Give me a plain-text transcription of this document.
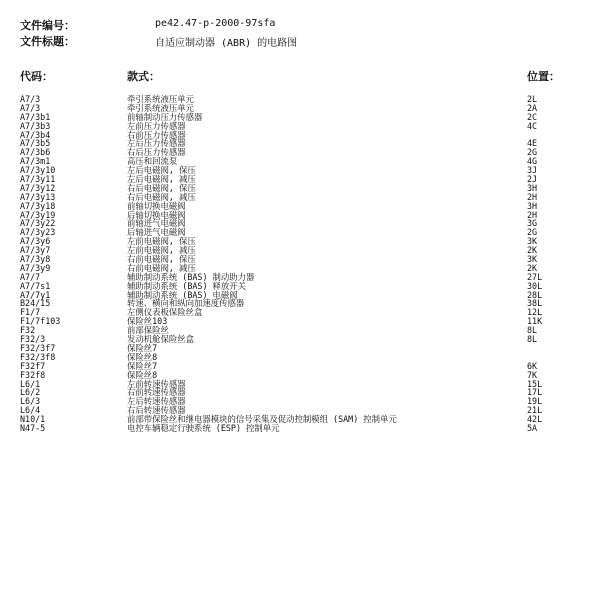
文件编号：	pe42.47-p-2000-97sfa
文件标题：	自适应制动器 (ABR) 的电路图
代码：	款式：	位置：
A7/3	牵引系统液压单元	2L
A7/3	牵引系统液压单元	2A
A7/3b1	前轴制动压力传感器	2C
A7/3b3	左前压力传感器	4C
A7/3b4	右前压力传感器
A7/3b5	左后压力传感器	4E
A7/3b6	右后压力传感器	2G
A7/3m1	高压和回流泵	4G
A7/3y10	左后电磁阀, 保压	3J
A7/3y11	左后电磁阀, 减压	2J
A7/3y12	右后电磁阀, 保压	3H
A7/3y13	右后电磁阀, 减压	2H
A7/3y18	前轴切换电磁阀	3H
A7/3y19	后轴切换电磁阀	2H
A7/3y22	前轴进气电磁阀	3G
A7/3y23	后轴进气电磁阀	2G
A7/3y6	左前电磁阀, 保压	3K
A7/3y7	左前电磁阀, 减压	2K
A7/3y8	右前电磁阀, 保压	3K
A7/3y9	右前电磁阀, 减压	2K
A7/7	辅助制动系统 (BAS) 制动助力器	27L
A7/7s1	辅助制动系统 (BAS) 释放开关	30L
A7/7y1	辅助制动系统 (BAS) 电磁阀	28L
B24/15	转速、横向和纵向加速度传感器	38L
F1/7	左侧仪表板保险丝盒	12L
F1/7f103	保险丝103	11K
F32	前部保险丝	8L
F32/3	发动机舱保险丝盒	8L
F32/3f7	保险丝7
F32/3f8	保险丝8
F32f7	保险丝7	6K
F32f8	保险丝8	7K
L6/1	左前转速传感器	15L
L6/2	右前转速传感器	17L
L6/3	左后转速传感器	19L
L6/4	右后转速传感器	21L
N10/1	前部带保险丝和继电器模块的信号采集及促动控制模组 (SAM) 控制单元	42L
N47-5	电控车辆稳定行驶系统 (ESP) 控制单元	5A
